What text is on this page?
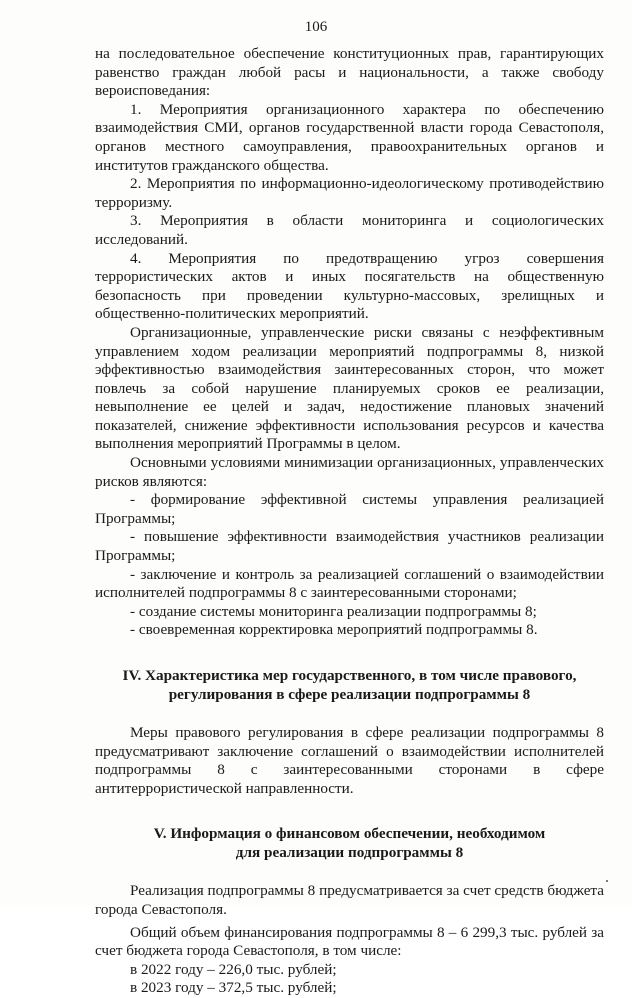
106

на последовательное обеспечение конституционных прав, гарантирующих равенство граждан любой расы и национальности, а также свободу вероисповедания:

1. Мероприятия организационного характера по обеспечению взаимодействия СМИ, органов государственной власти города Севастополя, органов местного самоуправления, правоохранительных органов и институтов гражданского общества.

2. Мероприятия по информационно-идеологическому противодействию терроризму.

3. Мероприятия в области мониторинга и социологических исследований.

4. Мероприятия по предотвращению угроз совершения террористических актов и иных посягательств на общественную безопасность при проведении культурно-массовых, зрелищных и общественно-политических мероприятий.

Организационные, управленческие риски связаны с неэффективным управлением ходом реализации мероприятий подпрограммы 8, низкой эффективностью взаимодействия заинтересованных сторон, что может повлечь за собой нарушение планируемых сроков ее реализации, невыполнение ее целей и задач, недостижение плановых значений показателей, снижение эффективности использования ресурсов и качества выполнения мероприятий Программы в целом.

Основными условиями минимизации организационных, управленческих рисков являются:

- формирование эффективной системы управления реализацией Программы;

- повышение эффективности взаимодействия участников реализации Программы;

- заключение и контроль за реализацией соглашений о взаимодействии исполнителей подпрограммы 8 с заинтересованными сторонами;

- создание системы мониторинга реализации подпрограммы 8;

- своевременная корректировка мероприятий подпрограммы 8.

IV. Характеристика мер государственного, в том числе правового,
регулирования в сфере реализации подпрограммы 8

Меры правового регулирования в сфере реализации подпрограммы 8 предусматривают заключение соглашений о взаимодействии исполнителей подпрограммы 8 с заинтересованными сторонами в сфере антитеррористической направленности.

V. Информация о финансовом обеспечении, необходимом
для реализации подпрограммы 8

Реализация подпрограммы 8 предусматривается за счет средств бюджета города Севастополя.

Общий объем финансирования подпрограммы 8 – 6 299,3 тыс. рублей за счет бюджета города Севастополя, в том числе:

в 2022 году – 226,0 тыс. рублей;

в 2023 году – 372,5 тыс. рублей;
